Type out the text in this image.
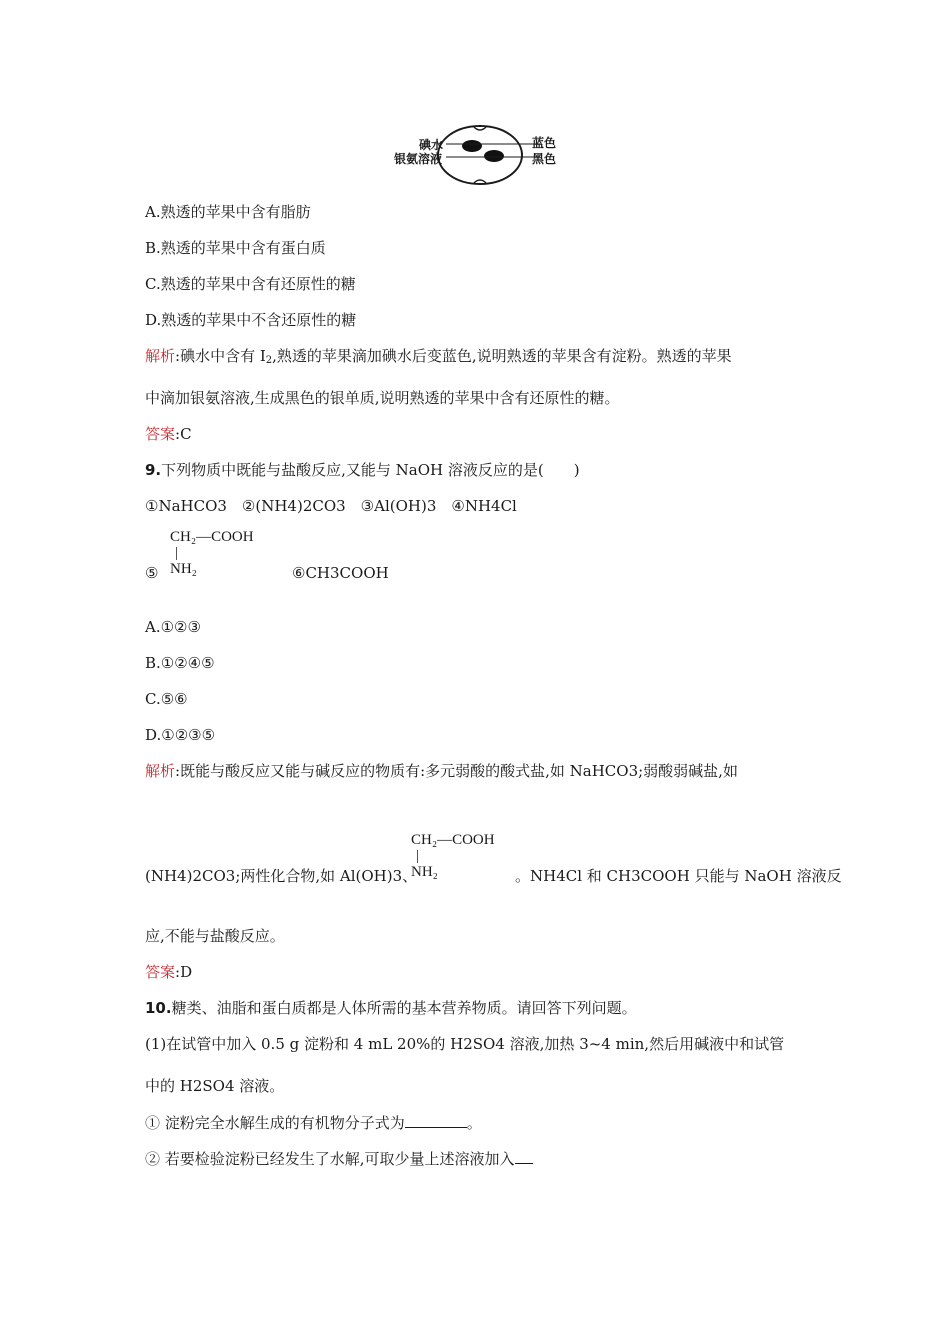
碘水
银氨溶液
蓝色
黑色
A.熟透的苹果中含有脂肪
B.熟透的苹果中含有蛋白质
C.熟透的苹果中含有还原性的糖
D.熟透的苹果中不含还原性的糖
解析:碘水中含有 $I_2$,熟透的苹果滴加碘水后变蓝色,说明熟透的苹果含有淀粉。熟透的苹果
中滴加银氨溶液,生成黑色的银单质,说明熟透的苹果中含有还原性的糖。
答案:C
9.下列物质中既能与盐酸反应,又能与 NaOH 溶液反应的是(　　)
①NaHCO3　②(NH4)2CO3　③Al(OH)3　④NH4Cl
CH₂—COOH
|
NH₂
⑤	⑥CH3COOH
A.①②③
B.①②④⑤
C.⑤⑥
D.①②③⑤
解析:既能与酸反应又能与碱反应的物质有:多元弱酸的酸式盐,如 NaHCO3;弱酸弱碱盐,如
CH₂—COOH
|
NH₂
(NH4)2CO3;两性化合物,如 Al(OH)3、	。NH4Cl 和 CH3COOH 只能与 NaOH 溶液反
应,不能与盐酸反应。
答案:D
10.糖类、油脂和蛋白质都是人体所需的基本营养物质。请回答下列问题。
(1)在试管中加入 0.5 g 淀粉和 4 mL 20%的 H2SO4 溶液,加热 3~4 min,然后用碱液中和试管
中的 H2SO4 溶液。
① 淀粉完全水解生成的有机物分子式为	。
② 若要检验淀粉已经发生了水解,可取少量上述溶液加入
